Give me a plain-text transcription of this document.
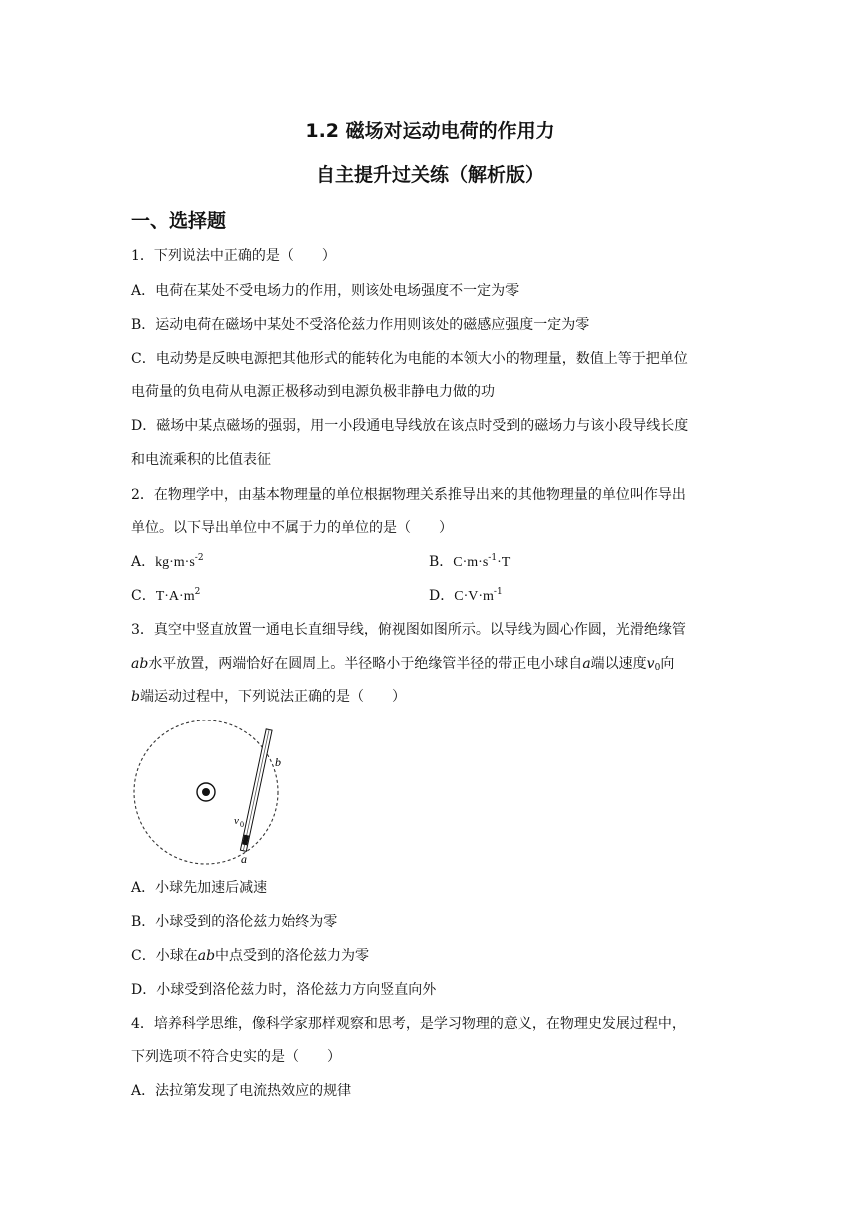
1.2 磁场对运动电荷的作用力
自主提升过关练（解析版）
一、选择题
1．下列说法中正确的是（　　）
A．电荷在某处不受电场力的作用，则该处电场强度不一定为零
B．运动电荷在磁场中某处不受洛伦兹力作用则该处的磁感应强度一定为零
C．电动势是反映电源把其他形式的能转化为电能的本领大小的物理量，数值上等于把单位
电荷量的负电荷从电源正极移动到电源负极非静电力做的功
D．磁场中某点磁场的强弱，用一小段通电导线放在该点时受到的磁场力与该小段导线长度
和电流乘积的比值表征
2．在物理学中，由基本物理量的单位根据物理关系推导出来的其他物理量的单位叫作导出
单位。以下导出单位中不属于力的单位的是（　　）
A．$kg\cdot m\cdot s^{-2}$	B．$C\cdot m\cdot s^{-1}\cdot T$
C．$T\cdot A\cdot m^2$	D．$C\cdot V\cdot m^{-1}$
3．真空中竖直放置一通电长直细导线，俯视图如图所示。以导线为圆心作圆，光滑绝缘管
ab水平放置，两端恰好在圆周上。半径略小于绝缘管半径的带正电小球自a端以速度$v_0$向
b端运动过程中，下列说法正确的是（　　）
b
a
v 0
A．小球先加速后减速
B．小球受到的洛伦兹力始终为零
C．小球在ab中点受到的洛伦兹力为零
D．小球受到洛伦兹力时，洛伦兹力方向竖直向外
4．培养科学思维，像科学家那样观察和思考，是学习物理的意义，在物理史发展过程中，
下列选项不符合史实的是（　　）
A．法拉第发现了电流热效应的规律
